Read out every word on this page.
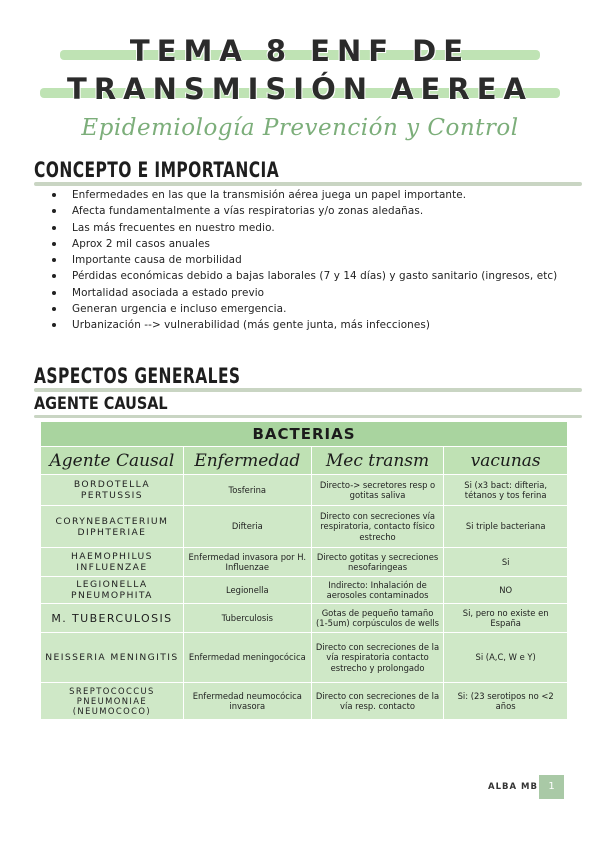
TEMA 8 ENF DE
TRANSMISIÓN AEREA
Epidemiología Prevención y Control
CONCEPTO E IMPORTANCIA
Enfermedades en las que la transmisión aérea juega un papel importante.
Afecta fundamentalmente a vías respiratorias y/o zonas aledañas.
Las más frecuentes en nuestro medio.
Aprox 2 mil casos anuales
Importante causa de morbilidad
Pérdidas económicas debido a bajas laborales (7 y 14 días) y gasto sanitario (ingresos, etc)
Mortalidad asociada a estado previo
Generan urgencia e incluso emergencia.
Urbanización --> vulnerabilidad (más gente junta, más infecciones)
ASPECTOS GENERALES
AGENTE CAUSAL
BACTERIAS			
Agente Causal	Enfermedad	Mec transm	vacunas
BORDOTELLA PERTUSSIS	Tosferina	Directo-> secretores resp o gotitas saliva	Si (x3 bact: difteria, tétanos y tos ferina
CORYNEBACTERIUM DIPHTERIAE	Difteria	Directo con secreciones vía respiratoria, contacto físico estrecho	Si triple bacteriana
HAEMOPHILUS INFLUENZAE	Enfermedad invasora por H. Influenzae	Directo gotitas y secreciones nesofaringeas	Si
LEGIONELLA PNEUMOPHITA	Legionella	Indirecto: Inhalación de aerosoles contaminados	NO
M. TUBERCULOSIS	Tuberculosis	Gotas de pequeño tamaño (1-5um) corpúsculos de wells	Si, pero no existe en España
NEISSERIA MENINGITIS	Enfermedad meningocócica	Directo con secreciones de la vía respiratoria contacto estrecho y prolongado	Si (A,C, W e Y)
SREPTOCOCCUS PNEUMONIAE (NEUMOCOCO)	Enfermedad neumocócica invasora	Directo con secreciones de la vía resp. contacto	Si: (23 serotipos no <2 años
ALBA MB	1
